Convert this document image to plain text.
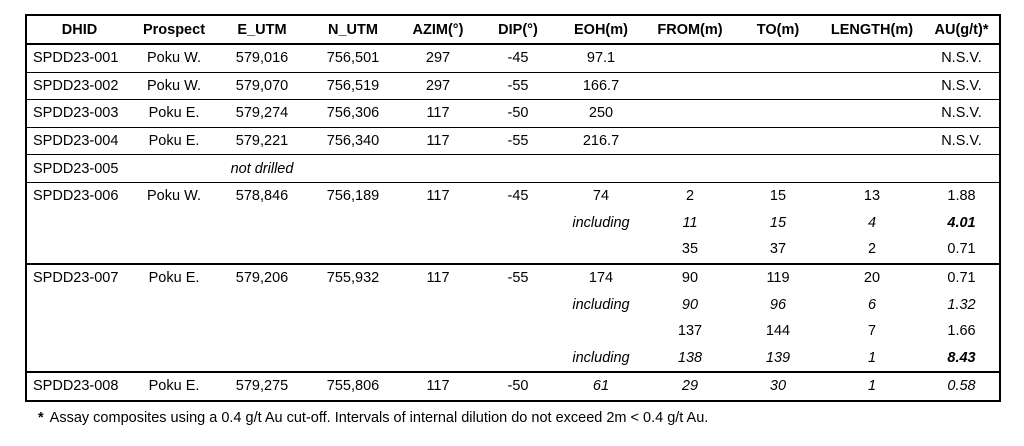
DHID	Prospect	E_UTM	N_UTM	AZIM(°)	DIP(°)	EOH(m)	FROM(m)	TO(m)	LENGTH(m)	AU(g/t)*
SPDD23-001	Poku W.	579,016	756,501	297	-45	97.1				N.S.V.
SPDD23-002	Poku W.	579,070	756,519	297	-55	166.7				N.S.V.
SPDD23-003	Poku E.	579,274	756,306	117	-50	250				N.S.V.
SPDD23-004	Poku E.	579,221	756,340	117	-55	216.7				N.S.V.
SPDD23-005		not drilled								
SPDD23-006	Poku W.	578,846	756,189	117	-45	74	2	15	13	1.88
						including	11	15	4	4.01
							35	37	2	0.71
SPDD23-007	Poku E.	579,206	755,932	117	-55	174	90	119	20	0.71
						including	90	96	6	1.32
							137	144	7	1.66
						including	138	139	1	8.43
SPDD23-008	Poku E.	579,275	755,806	117	-50	61	29	30	1	0.58
* Assay composites using a 0.4 g/t Au cut-off. Intervals of internal dilution do not exceed 2m < 0.4 g/t Au.
